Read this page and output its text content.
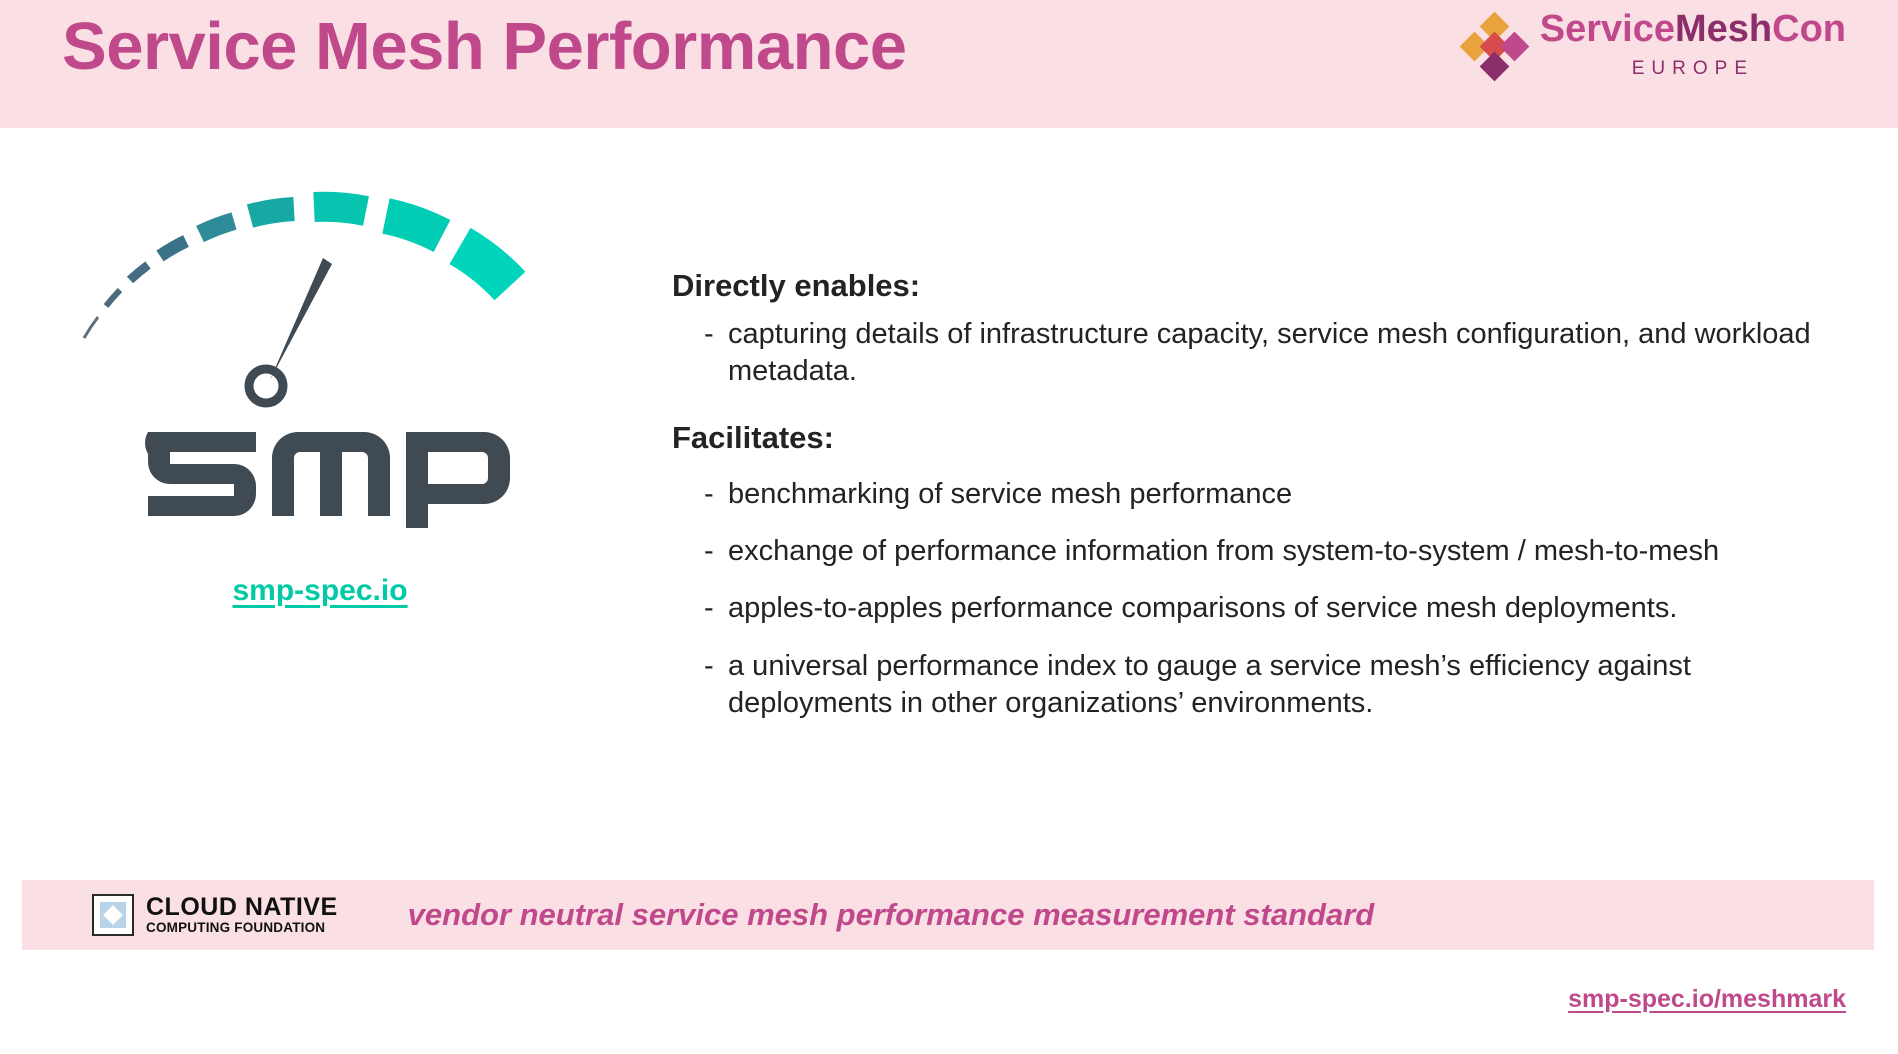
Service Mesh Performance	ServiceMeshCon
EUROPE
smp-spec.io

Directly enables:

- capturing details of infrastructure capacity, service mesh configuration, and workload metadata.

Facilitates:

- benchmarking of service mesh performance
- exchange of performance information from system-to-system / mesh-to-mesh
- apples-to-apples performance comparisons of service mesh deployments.
- a universal performance index to gauge a service mesh’s efficiency against deployments in other organizations’ environments.
CLOUD NATIVE
COMPUTING FOUNDATION	vendor neutral service mesh performance measurement standard
smp-spec.io/meshmark
